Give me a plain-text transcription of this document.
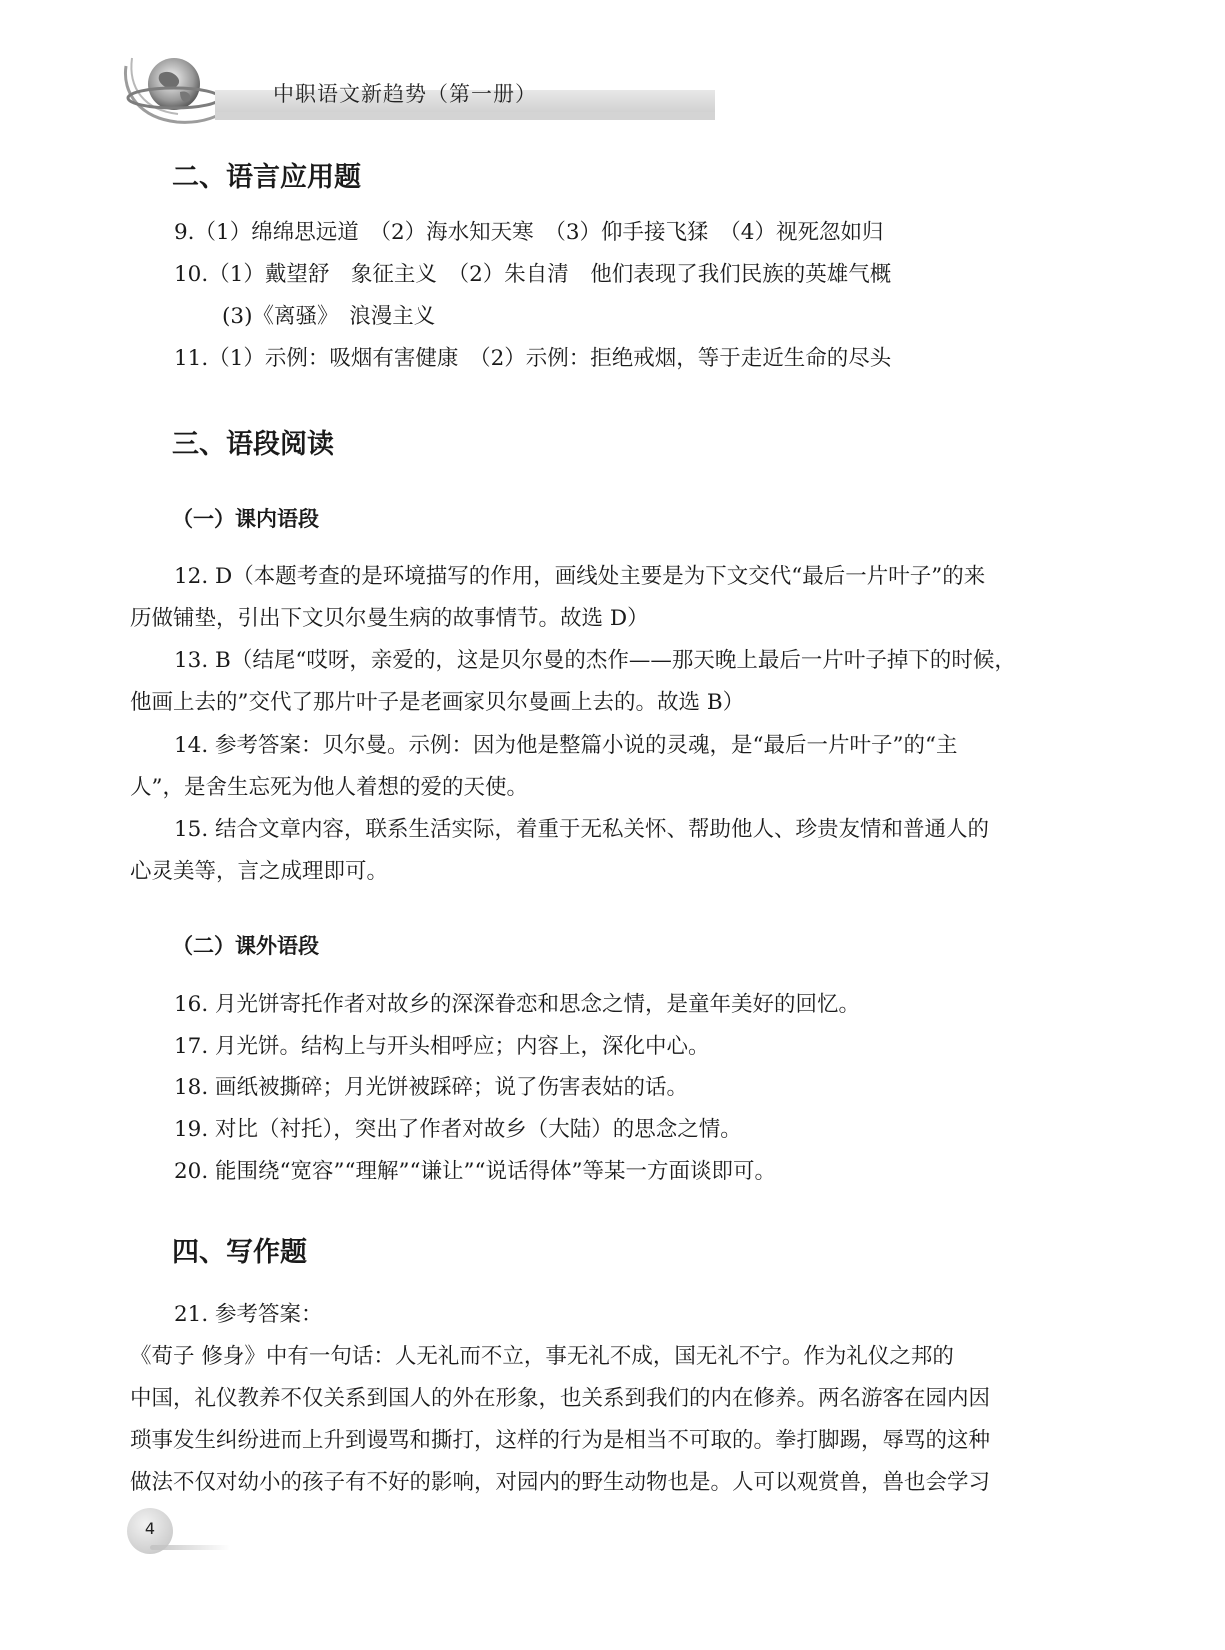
中职语文新趋势（第一册）
二、语言应用题
9.（1）绵绵思远道　（2）海水知天寒　（3）仰手接飞猱　（4）视死忽如归
10.（1）戴望舒　象征主义　（2）朱自清　他们表现了我们民族的英雄气概
(3)《离骚》　浪漫主义
11.（1）示例：吸烟有害健康　（2）示例：拒绝戒烟，等于走近生命的尽头
三、语段阅读
（一）课内语段
12. D（本题考查的是环境描写的作用，画线处主要是为下文交代“最后一片叶子”的来
历做铺垫，引出下文贝尔曼生病的故事情节。故选 D）
13. B（结尾“哎呀，亲爱的，这是贝尔曼的杰作——那天晚上最后一片叶子掉下的时候，
他画上去的”交代了那片叶子是老画家贝尔曼画上去的。故选 B）
14. 参考答案：贝尔曼。示例：因为他是整篇小说的灵魂，是“最后一片叶子”的“主
人”，是舍生忘死为他人着想的爱的天使。
15. 结合文章内容，联系生活实际，着重于无私关怀、帮助他人、珍贵友情和普通人的
心灵美等，言之成理即可。
（二）课外语段
16. 月光饼寄托作者对故乡的深深眷恋和思念之情，是童年美好的回忆。
17. 月光饼。结构上与开头相呼应；内容上，深化中心。
18. 画纸被撕碎；月光饼被踩碎；说了伤害表姑的话。
19. 对比（衬托），突出了作者对故乡（大陆）的思念之情。
20. 能围绕“宽容”“理解”“谦让”“说话得体”等某一方面谈即可。
四、写作题
21. 参考答案：
《荀子 修身》中有一句话：人无礼而不立，事无礼不成，国无礼不宁。作为礼仪之邦的
中国，礼仪教养不仅关系到国人的外在形象，也关系到我们的内在修养。两名游客在园内因
琐事发生纠纷进而上升到谩骂和撕打，这样的行为是相当不可取的。拳打脚踢，辱骂的这种
做法不仅对幼小的孩子有不好的影响，对园内的野生动物也是。人可以观赏兽，兽也会学习
4
